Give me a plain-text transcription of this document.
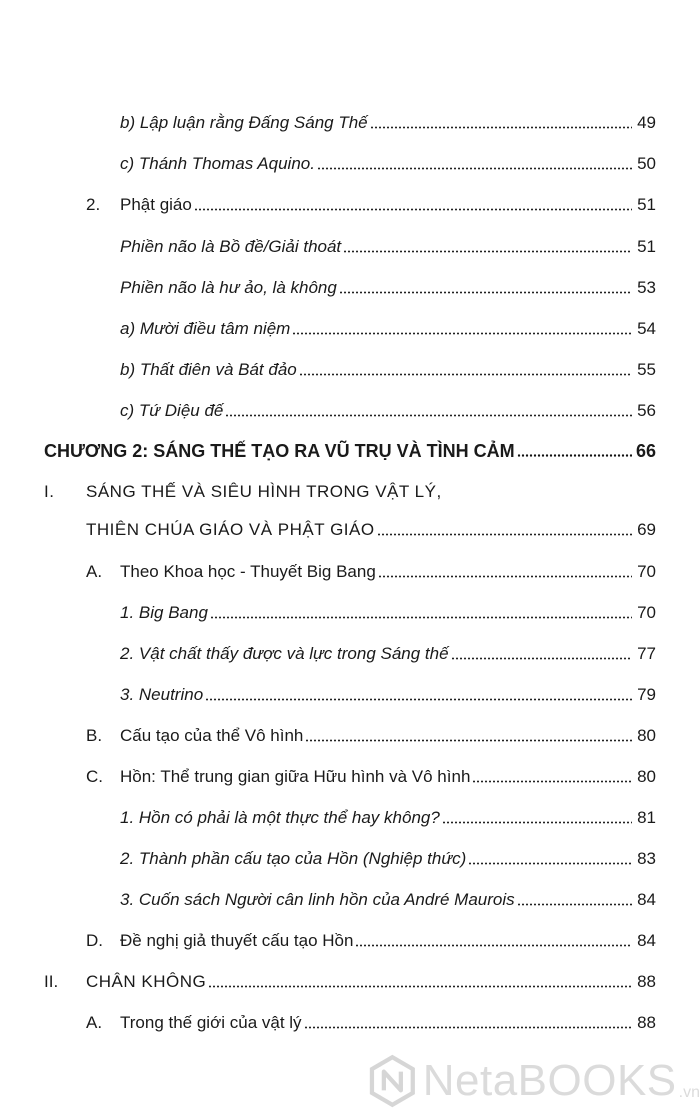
b) Lập luận rằng Đấng Sáng Thế	49
c) Thánh Thomas Aquino.	50
2.	Phật giáo	51
Phiền não là Bồ đề/Giải thoát	51
Phiền não là hư ảo, là không	53
a) Mười điều tâm niệm	54
b) Thất điên và Bát đảo	55
c) Tứ Diệu đế	56
CHƯƠNG 2: SÁNG THẾ TẠO RA VŨ TRỤ VÀ TÌNH CẢM	66
I. SÁNG THẾ VÀ SIÊU HÌNH TRONG VẬT LÝ,
THIÊN CHÚA GIÁO VÀ PHẬT GIÁO	69
A.	Theo Khoa học - Thuyết Big Bang	70
1. Big Bang	70
2. Vật chất thấy được và lực trong Sáng thế	77
3. Neutrino	79
B.	Cấu tạo của thể Vô hình	80
C.	Hồn: Thể trung gian giữa Hữu hình và Vô hình	80
1. Hồn có phải là một thực thể hay không?	81
2. Thành phần cấu tạo của Hồn (Nghiệp thức)	83
3. Cuốn sách Người cân linh hồn của André Maurois	84
D.	Đề nghị giả thuyết cấu tạo Hồn	84
II.	CHÂN KHÔNG	88
A.	Trong thế giới của vật lý	88
NetaBOOKS .vn
